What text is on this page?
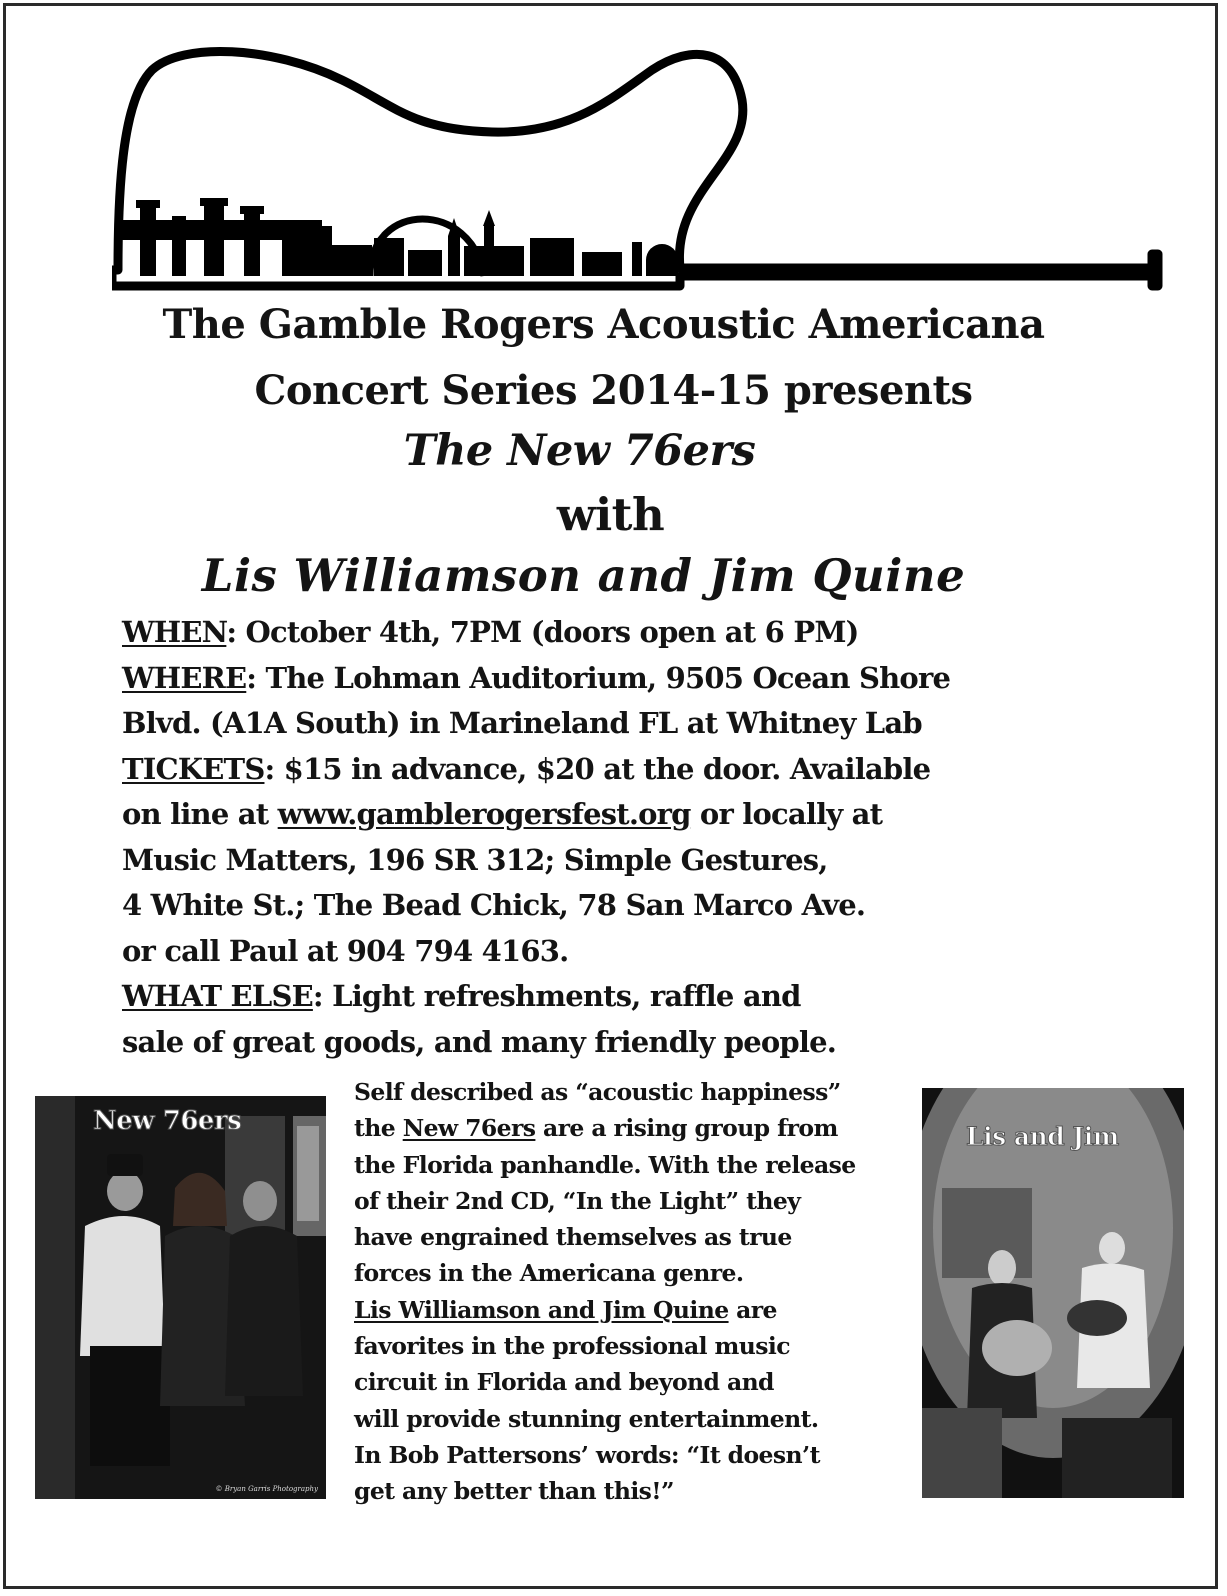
The Gamble Rogers Acoustic Americana
Concert Series 2014-15 presents
The New 76ers
with
Lis Williamson and Jim Quine
WHEN: October 4th, 7PM (doors open at 6 PM)
WHERE: The Lohman Auditorium, 9505 Ocean Shore
Blvd. (A1A South) in Marineland FL at Whitney Lab
TICKETS: $15 in advance, $20 at the door. Available
on line at www.gamblerogersfest.org or locally at
Music Matters, 196 SR 312; Simple Gestures,
4 White St.; The Bead Chick, 78 San Marco Ave.
or call Paul at 904 794 4163.
WHAT ELSE: Light refreshments, raffle and
sale of great goods, and many friendly people.
New 76ers
© Bryan Garris Photography
Self described as “acoustic happiness”
the New 76ers are a rising group from
the Florida panhandle. With the release
of their 2nd CD, “In the Light” they
have engrained themselves as true
forces in the Americana genre.
Lis Williamson and Jim Quine are
favorites in the professional music
circuit in Florida and beyond and
will provide stunning entertainment.
In Bob Pattersons’ words: “It doesn’t
get any better than this!”
Lis and Jim
